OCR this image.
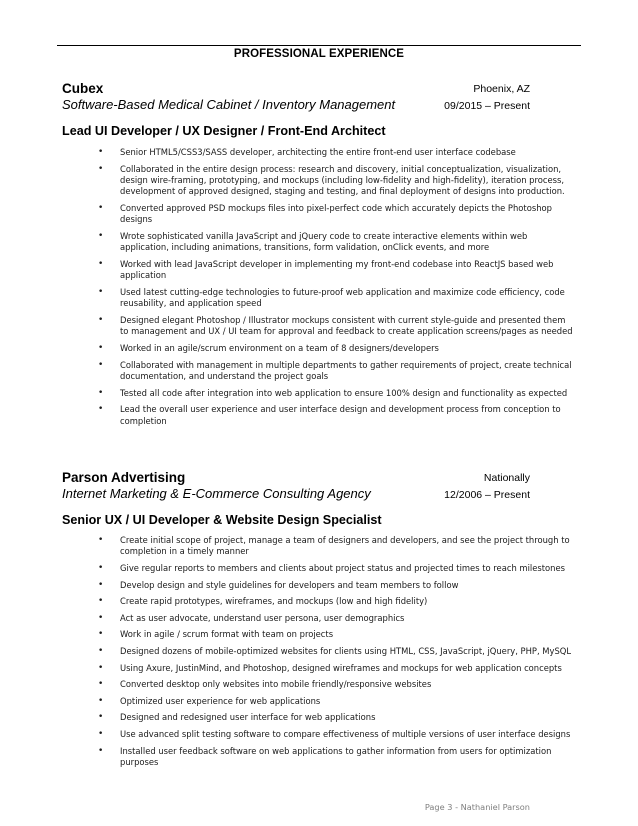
PROFESSIONAL EXPERIENCE
Cubex	Phoenix, AZ
Software-Based Medical Cabinet / Inventory Management	09/2015 – Present
Lead UI Developer / UX Designer / Front-End Architect
• Senior HTML5/CSS3/SASS developer, architecting the entire front-end user interface codebase
• Collaborated in the entire design process: research and discovery, initial conceptualization, visualization, design wire-framing, prototyping, and mockups (including low-fidelity and high-fidelity), iteration process, development of approved designed, staging and testing, and final deployment of designs into production.
• Converted approved PSD mockups files into pixel-perfect code which accurately depicts the Photoshop designs
• Wrote sophisticated vanilla JavaScript and jQuery code to create interactive elements within web application, including animations, transitions, form validation, onClick events, and more
• Worked with lead JavaScript developer in implementing my front-end codebase into ReactJS based web application
• Used latest cutting-edge technologies to future-proof web application and maximize code efficiency, code reusability, and application speed
• Designed elegant Photoshop / Illustrator mockups consistent with current style-guide and presented them to management and UX / UI team for approval and feedback to create application screens/pages as needed
• Worked in an agile/scrum environment on a team of 8 designers/developers
• Collaborated with management in multiple departments to gather requirements of project, create technical documentation, and understand the project goals
• Tested all code after integration into web application to ensure 100% design and functionality as expected
• Lead the overall user experience and user interface design and development process from conception to completion
Parson Advertising	Nationally
Internet Marketing & E-Commerce Consulting Agency	12/2006 – Present
Senior UX / UI Developer & Website Design Specialist
• Create initial scope of project, manage a team of designers and developers, and see the project through to completion in a timely manner
• Give regular reports to members and clients about project status and projected times to reach milestones
• Develop design and style guidelines for developers and team members to follow
• Create rapid prototypes, wireframes, and mockups (low and high fidelity)
• Act as user advocate, understand user persona, user demographics
• Work in agile / scrum format with team on projects
• Designed dozens of mobile-optimized websites for clients using HTML, CSS, JavaScript, jQuery, PHP, MySQL
• Using Axure, JustinMind, and Photoshop, designed wireframes and mockups for web application concepts
• Converted desktop only websites into mobile friendly/responsive websites
• Optimized user experience for web applications
• Designed and redesigned user interface for web applications
• Use advanced split testing software to compare effectiveness of multiple versions of user interface designs
• Installed user feedback software on web applications to gather information from users for optimization purposes
Page 3 - Nathaniel Parson
